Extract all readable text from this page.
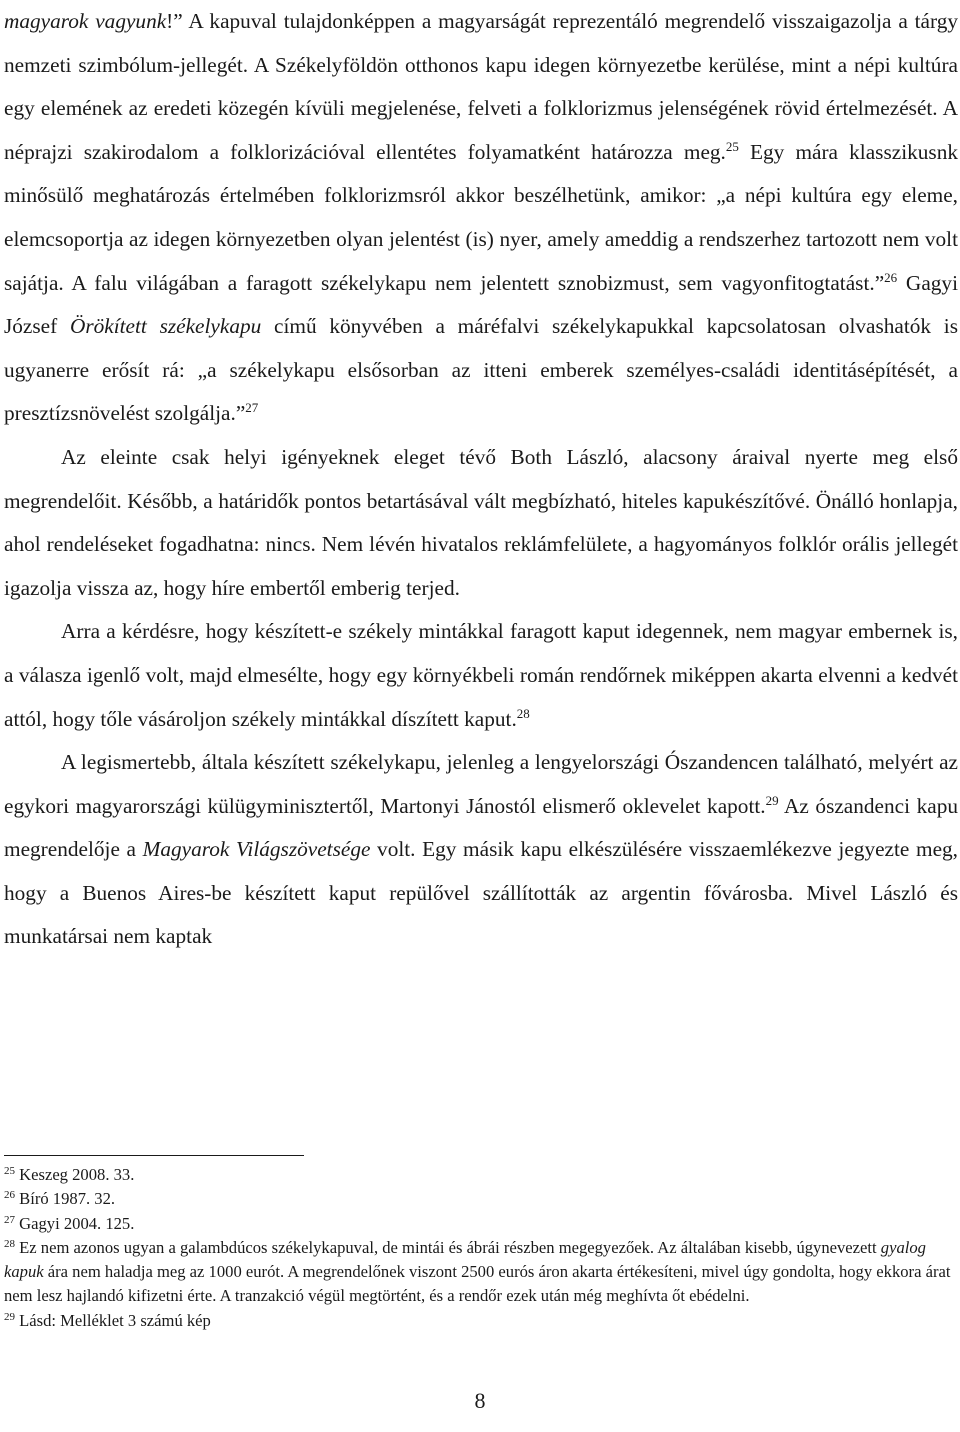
magyarok vagyunk!” A kapuval tulajdonképpen a magyarságát reprezentáló megrendelő visszaigazolja a tárgy nemzeti szimbólum-jellegét. A Székelyföldön otthonos kapu idegen környezetbe kerülése, mint a népi kultúra egy elemének az eredeti közegén kívüli megjelenése, felveti a folklorizmus jelenségének rövid értelmezését. A néprajzi szakirodalom a folklorizációval ellentétes folyamatként határozza meg.$^{25}$ Egy mára klasszikusnk minősülő meghatározás értelmében folklorizmsról akkor beszélhetünk, amikor: „a népi kultúra egy eleme, elemcsoportja az idegen környezetben olyan jelentést (is) nyer, amely ameddig a rendszerhez tartozott nem volt sajátja. A falu világában a faragott székelykapu nem jelentett sznobizmust, sem vagyonfitogtatást.”$^{26}$ Gagyi József Örökített székelykapu című könyvében a máréfalvi székelykapukkal kapcsolatosan olvashatók is ugyanerre erősít rá: „a székelykapu elsősorban az itteni emberek személyes-családi identitásépítését, a presztízsnövelést szolgálja.”$^{27}$

Az eleinte csak helyi igényeknek eleget tévő Both László, alacsony áraival nyerte meg első megrendelőit. Később, a határidők pontos betartásával vált megbízható, hiteles kapukészítővé. Önálló honlapja, ahol rendeléseket fogadhatna: nincs. Nem lévén hivatalos reklámfelülete, a hagyományos folklór orális jellegét igazolja vissza az, hogy híre embertől emberig terjed.

Arra a kérdésre, hogy készített-e székely mintákkal faragott kaput idegennek, nem magyar embernek is, a válasza igenlő volt, majd elmesélte, hogy egy környékbeli román rendőrnek miképpen akarta elvenni a kedvét attól, hogy tőle vásároljon székely mintákkal díszített kaput.$^{28}$

A legismertebb, általa készített székelykapu, jelenleg a lengyelországi Ószandencen található, melyért az egykori magyarországi külügyminisztertől, Martonyi Jánostól elismerő oklevelet kapott.$^{29}$ Az ószandenci kapu megrendelője a Magyarok Világszövetsége volt. Egy másik kapu elkészülésére visszaemlékezve jegyezte meg, hogy a Buenos Aires-be készített kaput repülővel szállították az argentin fővárosba. Mivel László és munkatársai nem kaptak

$^{25}$ Keszeg 2008. 33.

$^{26}$ Bíró 1987. 32.

$^{27}$ Gagyi 2004. 125.

$^{28}$ Ez nem azonos ugyan a galambdúcos székelykapuval, de mintái és ábrái részben megegyezőek. Az általában kisebb, úgynevezett gyalog kapuk ára nem haladja meg az 1000 eurót. A megrendelőnek viszont 2500 eurós áron akarta értékesíteni, mivel úgy gondolta, hogy ekkora árat nem lesz hajlandó kifizetni érte. A tranzakció végül megtörtént, és a rendőr ezek után még meghívta őt ebédelni.

$^{29}$ Lásd: Melléklet 3 számú kép

8
